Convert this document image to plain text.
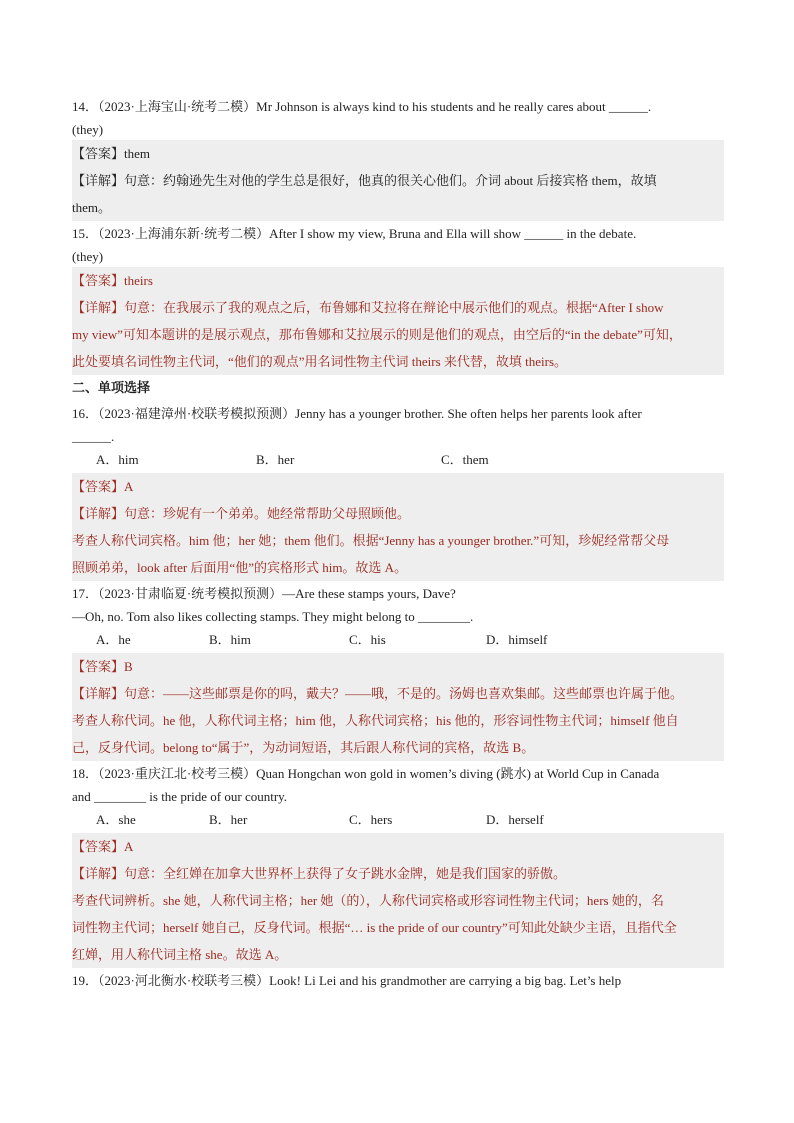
14．（2023·上海宝山·统考二模）Mr Johnson is always kind to his students and he really cares about ______.
(they)
【答案】them
【详解】句意：约翰逊先生对他的学生总是很好，他真的很关心他们。介词 about 后接宾格 them，故填
them。
15．（2023·上海浦东新·统考二模）After I show my view, Bruna and Ella will show ______ in the debate.
(they)
【答案】theirs
【详解】句意：在我展示了我的观点之后，布鲁娜和艾拉将在辩论中展示他们的观点。根据“After I show
my view”可知本题讲的是展示观点，那布鲁娜和艾拉展示的则是他们的观点，由空后的“in the debate”可知，
此处要填名词性物主代词，“他们的观点”用名词性物主代词 theirs 来代替，故填 theirs。
二、单项选择
16．（2023·福建漳州·校联考模拟预测）Jenny has a younger brother. She often helps her parents look after
______.
A．him	B．her	C．them
【答案】A
【详解】句意：珍妮有一个弟弟。她经常帮助父母照顾他。
考查人称代词宾格。him 他；her 她；them 他们。根据“Jenny has a younger brother.”可知，珍妮经常帮父母
照顾弟弟，look after 后面用“他”的宾格形式 him。故选 A。
17．（2023·甘肃临夏·统考模拟预测）—Are these stamps yours, Dave?
—Oh, no. Tom also likes collecting stamps. They might belong to ________.
A．he	B．him	C．his	D．himself
【答案】B
【详解】句意：——这些邮票是你的吗，戴夫？——哦，不是的。汤姆也喜欢集邮。这些邮票也许属于他。
考查人称代词。he 他，人称代词主格；him 他，人称代词宾格；his 他的，形容词性物主代词；himself 他自
己，反身代词。belong to“属于”，为动词短语，其后跟人称代词的宾格，故选 B。
18．（2023·重庆江北·校考三模）Quan Hongchan won gold in women’s diving (跳水) at World Cup in Canada
and ________ is the pride of our country.
A．she	B．her	C．hers	D．herself
【答案】A
【详解】句意：全红婵在加拿大世界杯上获得了女子跳水金牌，她是我们国家的骄傲。
考查代词辨析。she 她，人称代词主格；her 她（的），人称代词宾格或形容词性物主代词；hers 她的，名
词性物主代词；herself 她自己，反身代词。根据“… is the pride of our country”可知此处缺少主语，且指代全
红婵，用人称代词主格 she。故选 A。
19．（2023·河北衡水·校联考三模）Look! Li Lei and his grandmother are carrying a big bag. Let’s help
